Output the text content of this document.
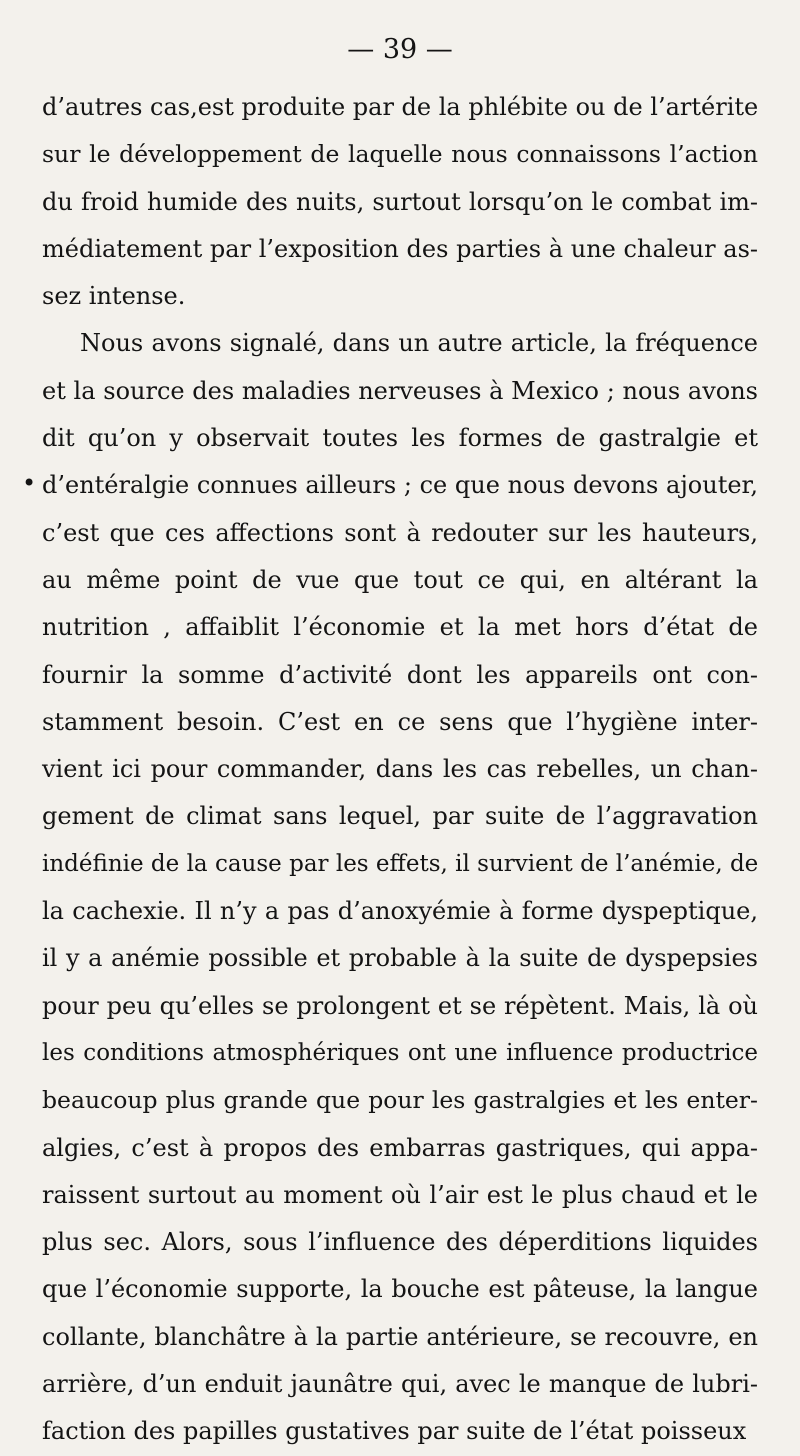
— 39 —
•
d’autres cas,est produite par de la phlébite ou de l’artérite
sur le développement de laquelle nous connaissons l’action
du froid humide des nuits, surtout lorsqu’on le combat im-
médiatement par l’exposition des parties à une chaleur as-
sez intense.
Nous avons signalé, dans un autre article, la fréquence
et la source des maladies nerveuses à Mexico ; nous avons
dit qu’on y observait toutes les formes de gastralgie et
d’entéralgie connues ailleurs ; ce que nous devons ajouter,
c’est que ces affections sont à redouter sur les hauteurs,
au même point de vue que tout ce qui, en altérant la
nutrition , affaiblit l’économie et la met hors d’état de
fournir la somme d’activité dont les appareils ont con-
stamment besoin. C’est en ce sens que l’hygiène inter-
vient ici pour commander, dans les cas rebelles, un chan-
gement de climat sans lequel, par suite de l’aggravation
indéfinie de la cause par les effets, il survient de l’anémie, de
la cachexie. Il n’y a pas d’anoxyémie à forme dyspeptique,
il y a anémie possible et probable à la suite de dyspepsies
pour peu qu’elles se prolongent et se répètent. Mais, là où
les conditions atmosphériques ont une influence productrice
beaucoup plus grande que pour les gastralgies et les enter-
algies, c’est à propos des embarras gastriques, qui appa-
raissent surtout au moment où l’air est le plus chaud et le
plus sec. Alors, sous l’influence des déperditions liquides
que l’économie supporte, la bouche est pâteuse, la langue
collante, blanchâtre à la partie antérieure, se recouvre, en
arrière, d’un enduit jaunâtre qui, avec le manque de lubri-
faction des papilles gustatives par suite de l’état poisseux
